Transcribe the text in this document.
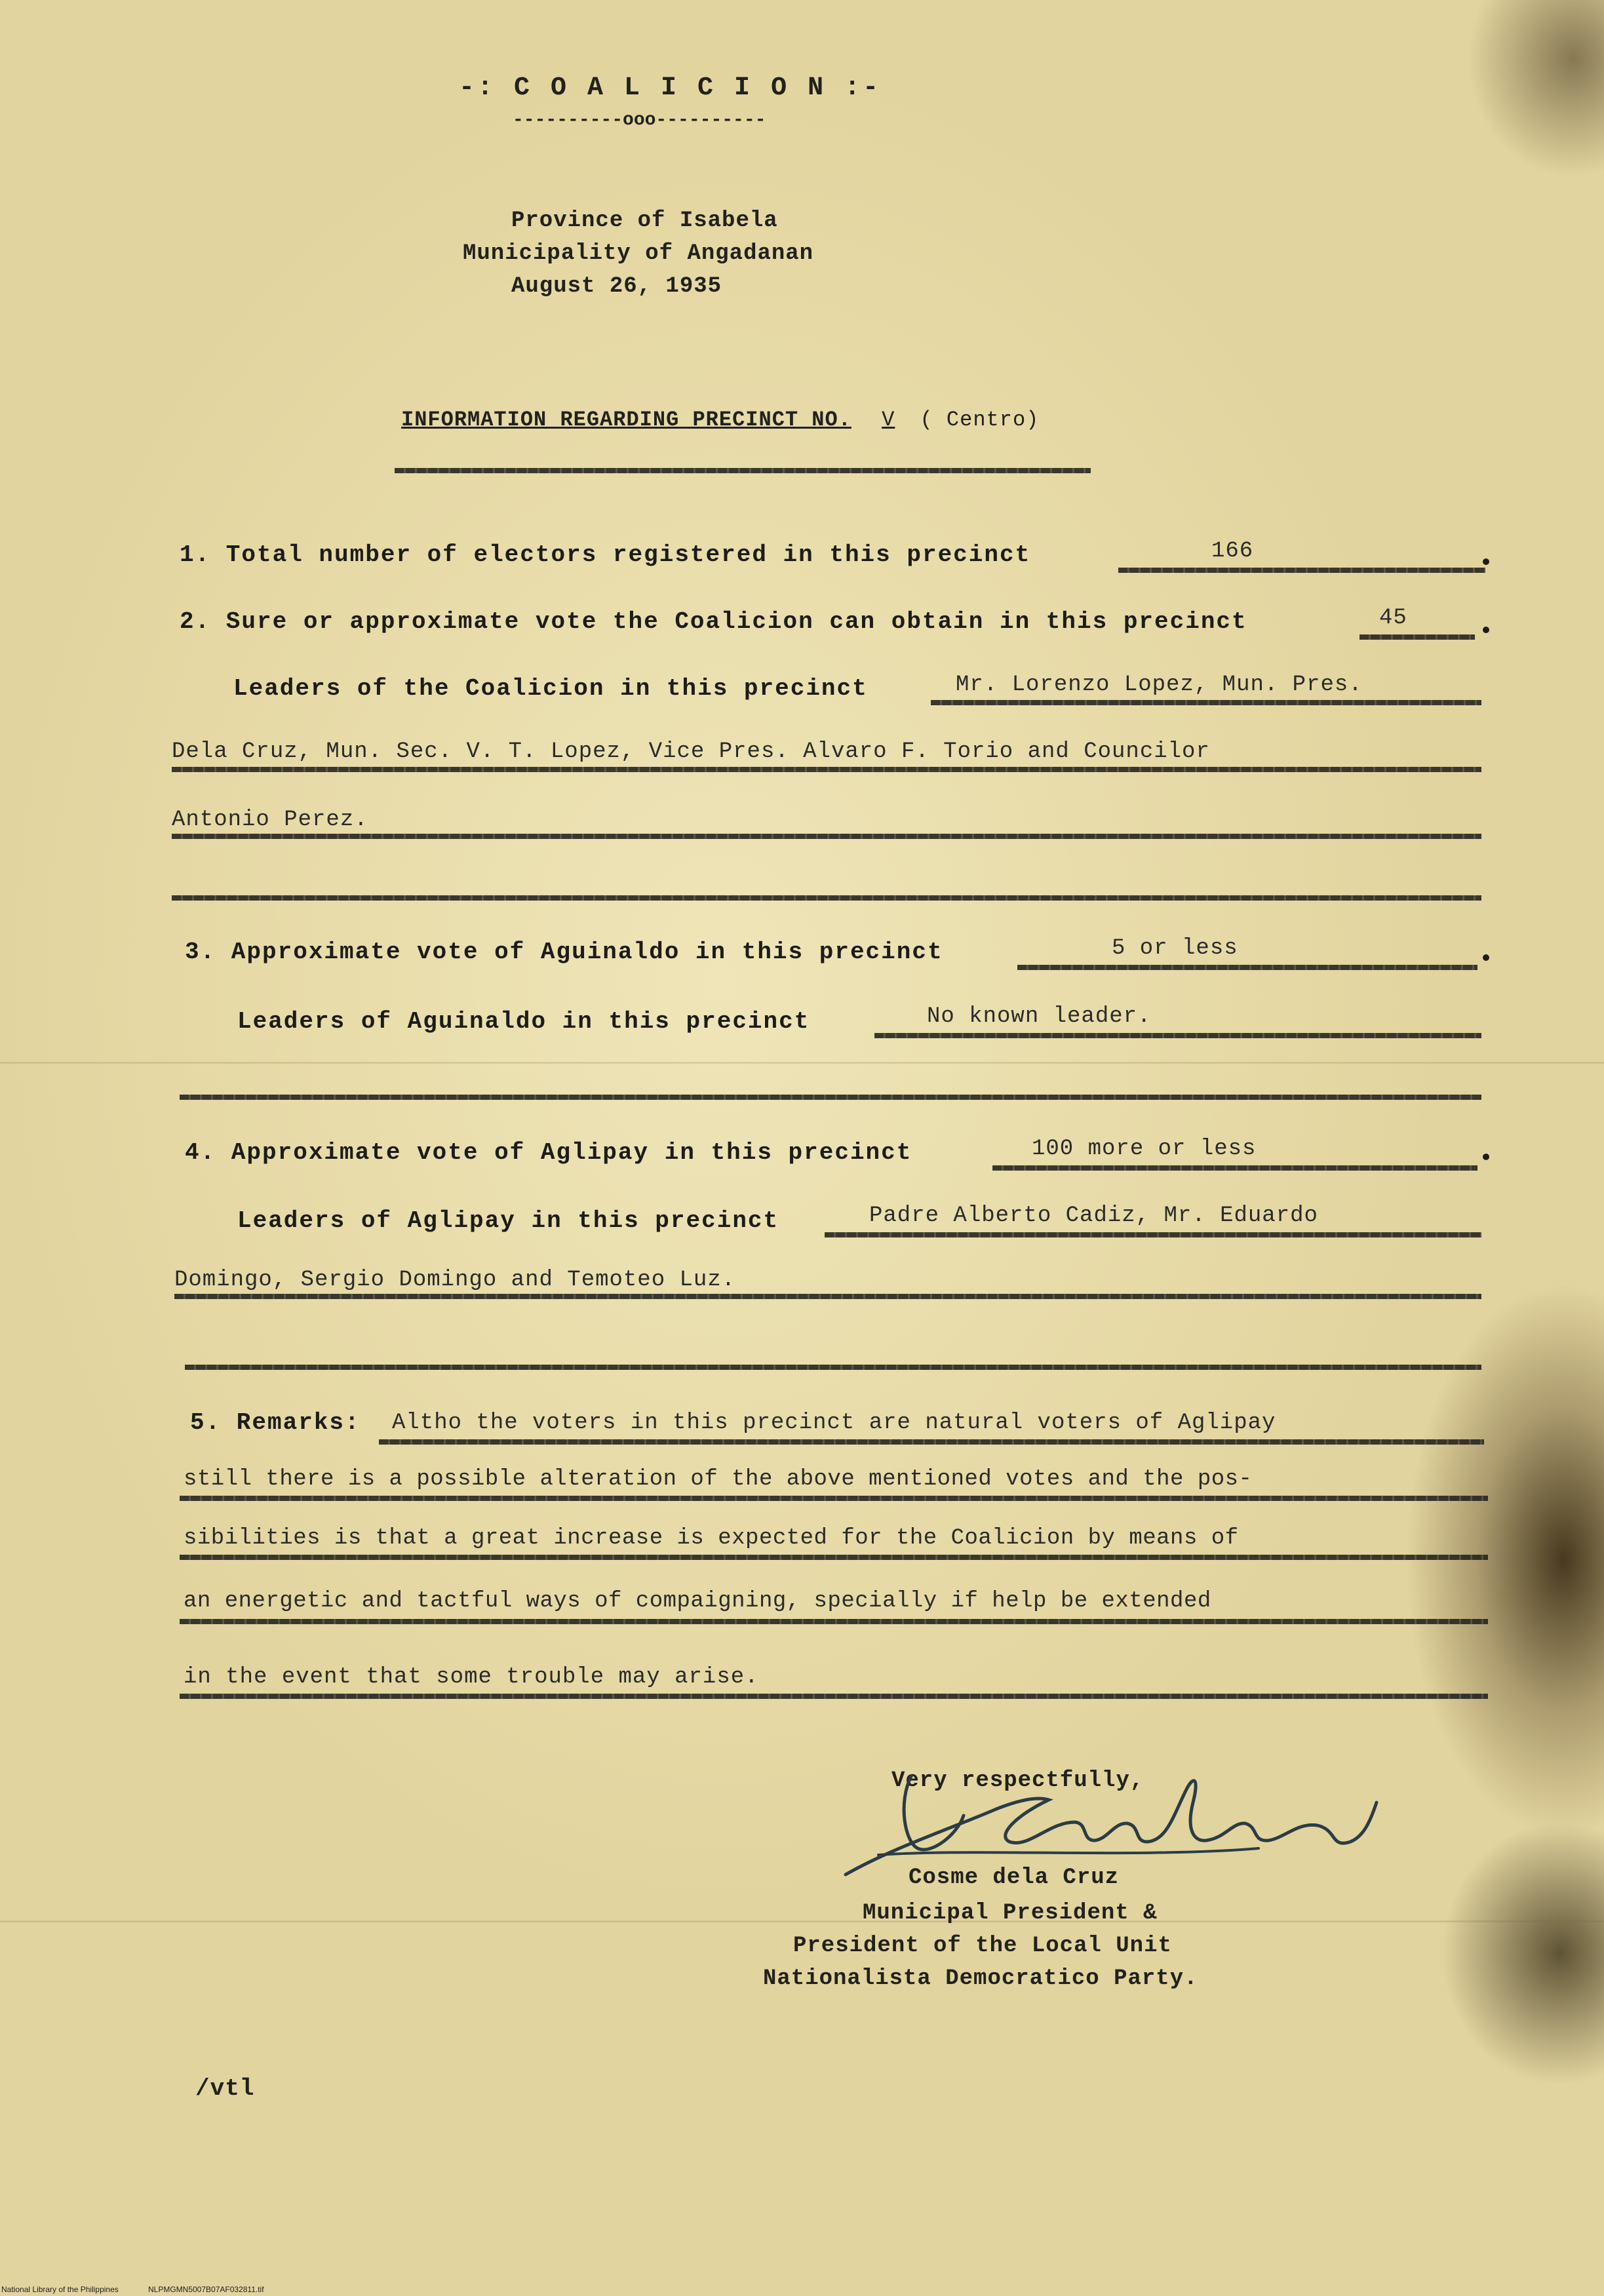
-: C O A L I C I O N :-
----------ooo----------
Province of Isabela
Municipality of Angadanan
August 26, 1935
INFORMATION REGARDING PRECINCT NO. V ( Centro)
1. Total number of electors registered in this precinct	166
2. Sure or approximate vote the Coalicion can obtain in this precinct	45
Leaders of the Coalicion in this precinct	Mr. Lorenzo Lopez, Mun. Pres.
Dela Cruz, Mun. Sec. V. T. Lopez, Vice Pres. Alvaro F. Torio and Councilor
Antonio Perez.
3. Approximate vote of Aguinaldo in this precinct	5 or less
Leaders of Aguinaldo in this precinct	No known leader.
4. Approximate vote of Aglipay in this precinct	100 more or less
Leaders of Aglipay in this precinct	Padre Alberto Cadiz, Mr. Eduardo
Domingo, Sergio Domingo and Temoteo Luz.
5. Remarks: Altho the voters in this precinct are natural voters of Aglipay
still there is a possible alteration of the above mentioned votes and the pos-
sibilities is that a great increase is expected for the Coalicion by means of
an energetic and tactful ways of compaigning, specially if help be extended
in the event that some trouble may arise.
Very respectfully,
Cosme dela Cruz
Municipal President &
President of the Local Unit
Nationalista Democratico Party.
/vtl
National Library of the Philippines	NLPMGMN5007B07AF032811.tif
